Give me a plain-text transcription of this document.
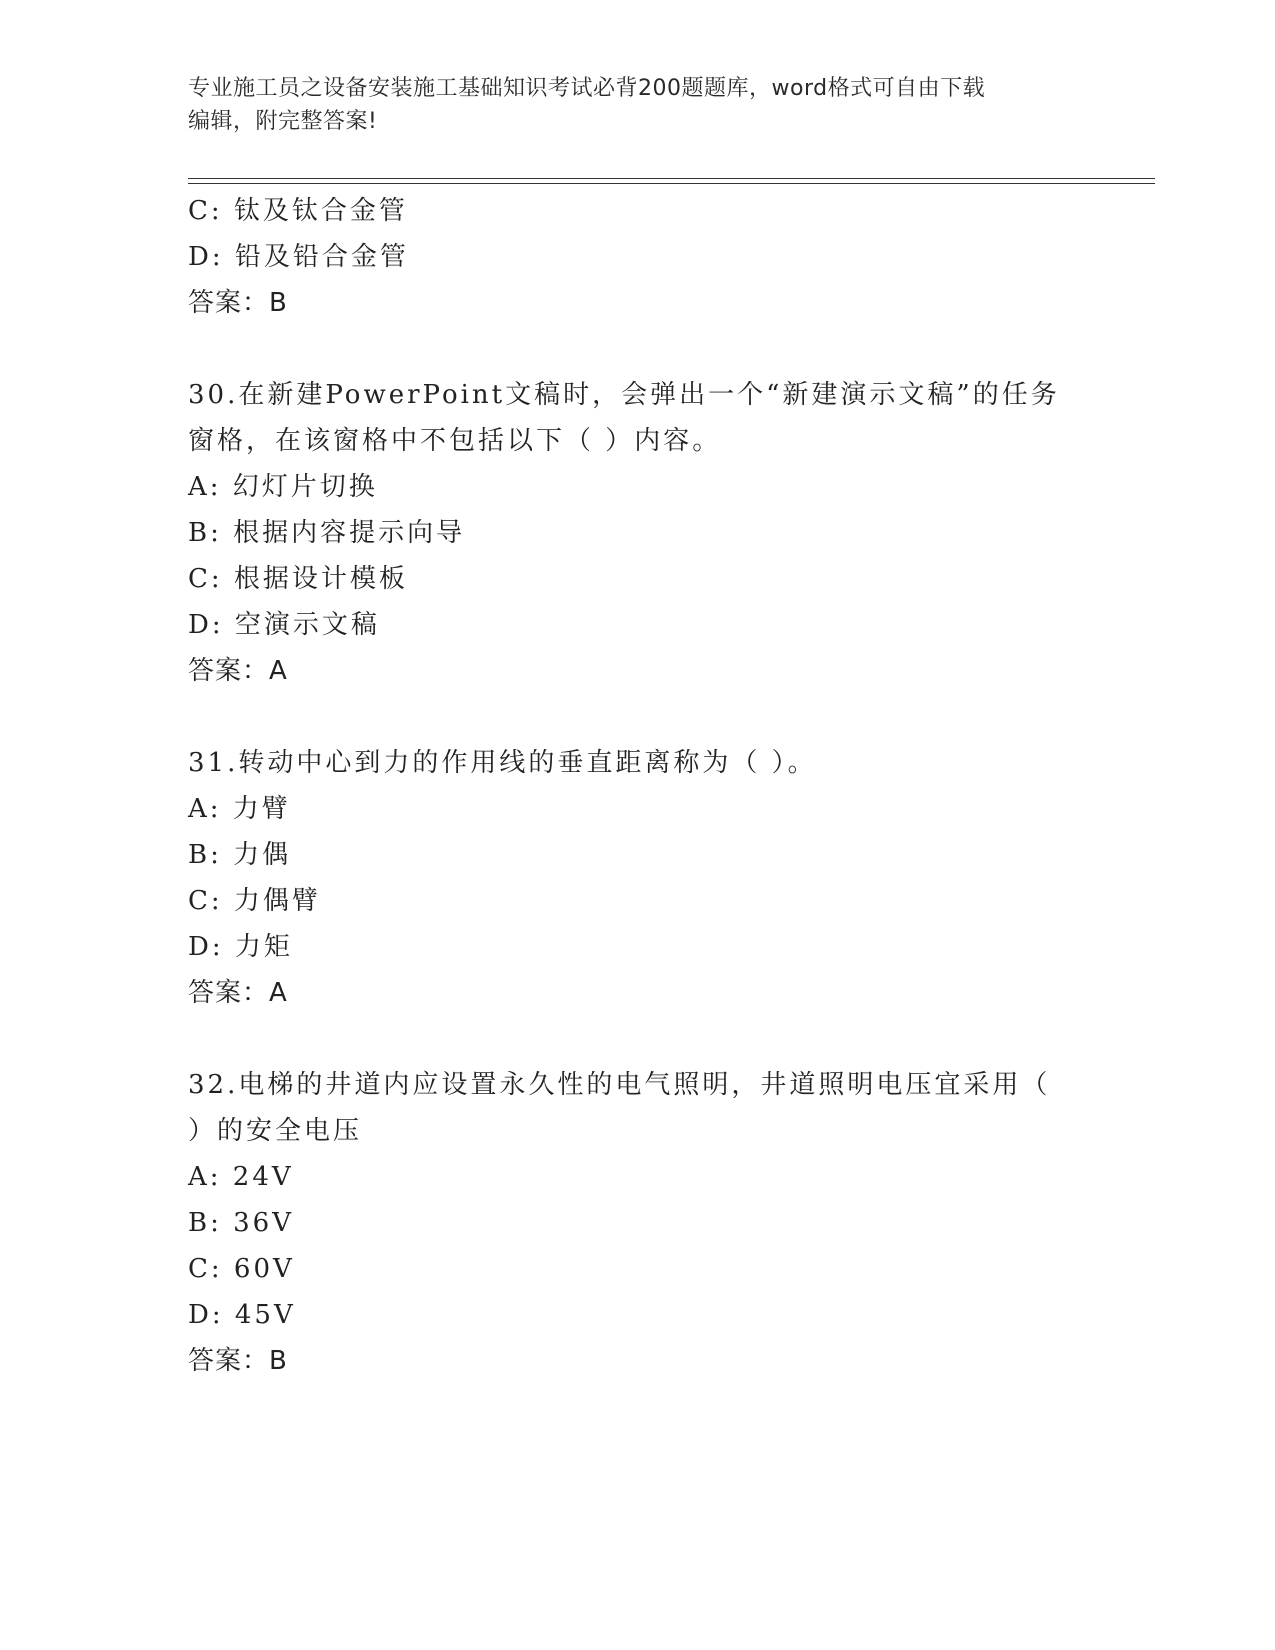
专业施工员之设备安装施工基础知识考试必背200题题库，word格式可自由下载
编辑，附完整答案!
C: 钛及钛合金管
D: 铅及铅合金管
答案：B
30.在新建PowerPoint文稿时，会弹出一个“新建演示文稿”的任务
窗格，在该窗格中不包括以下（ ）内容。
A: 幻灯片切换
B: 根据内容提示向导
C: 根据设计模板
D: 空演示文稿
答案：A
31.转动中心到力的作用线的垂直距离称为（ ）。
A: 力臂
B: 力偶
C: 力偶臂
D: 力矩
答案：A
32.电梯的井道内应设置永久性的电气照明，井道照明电压宜采用（
）的安全电压
A: 24V
B: 36V
C: 60V
D: 45V
答案：B
